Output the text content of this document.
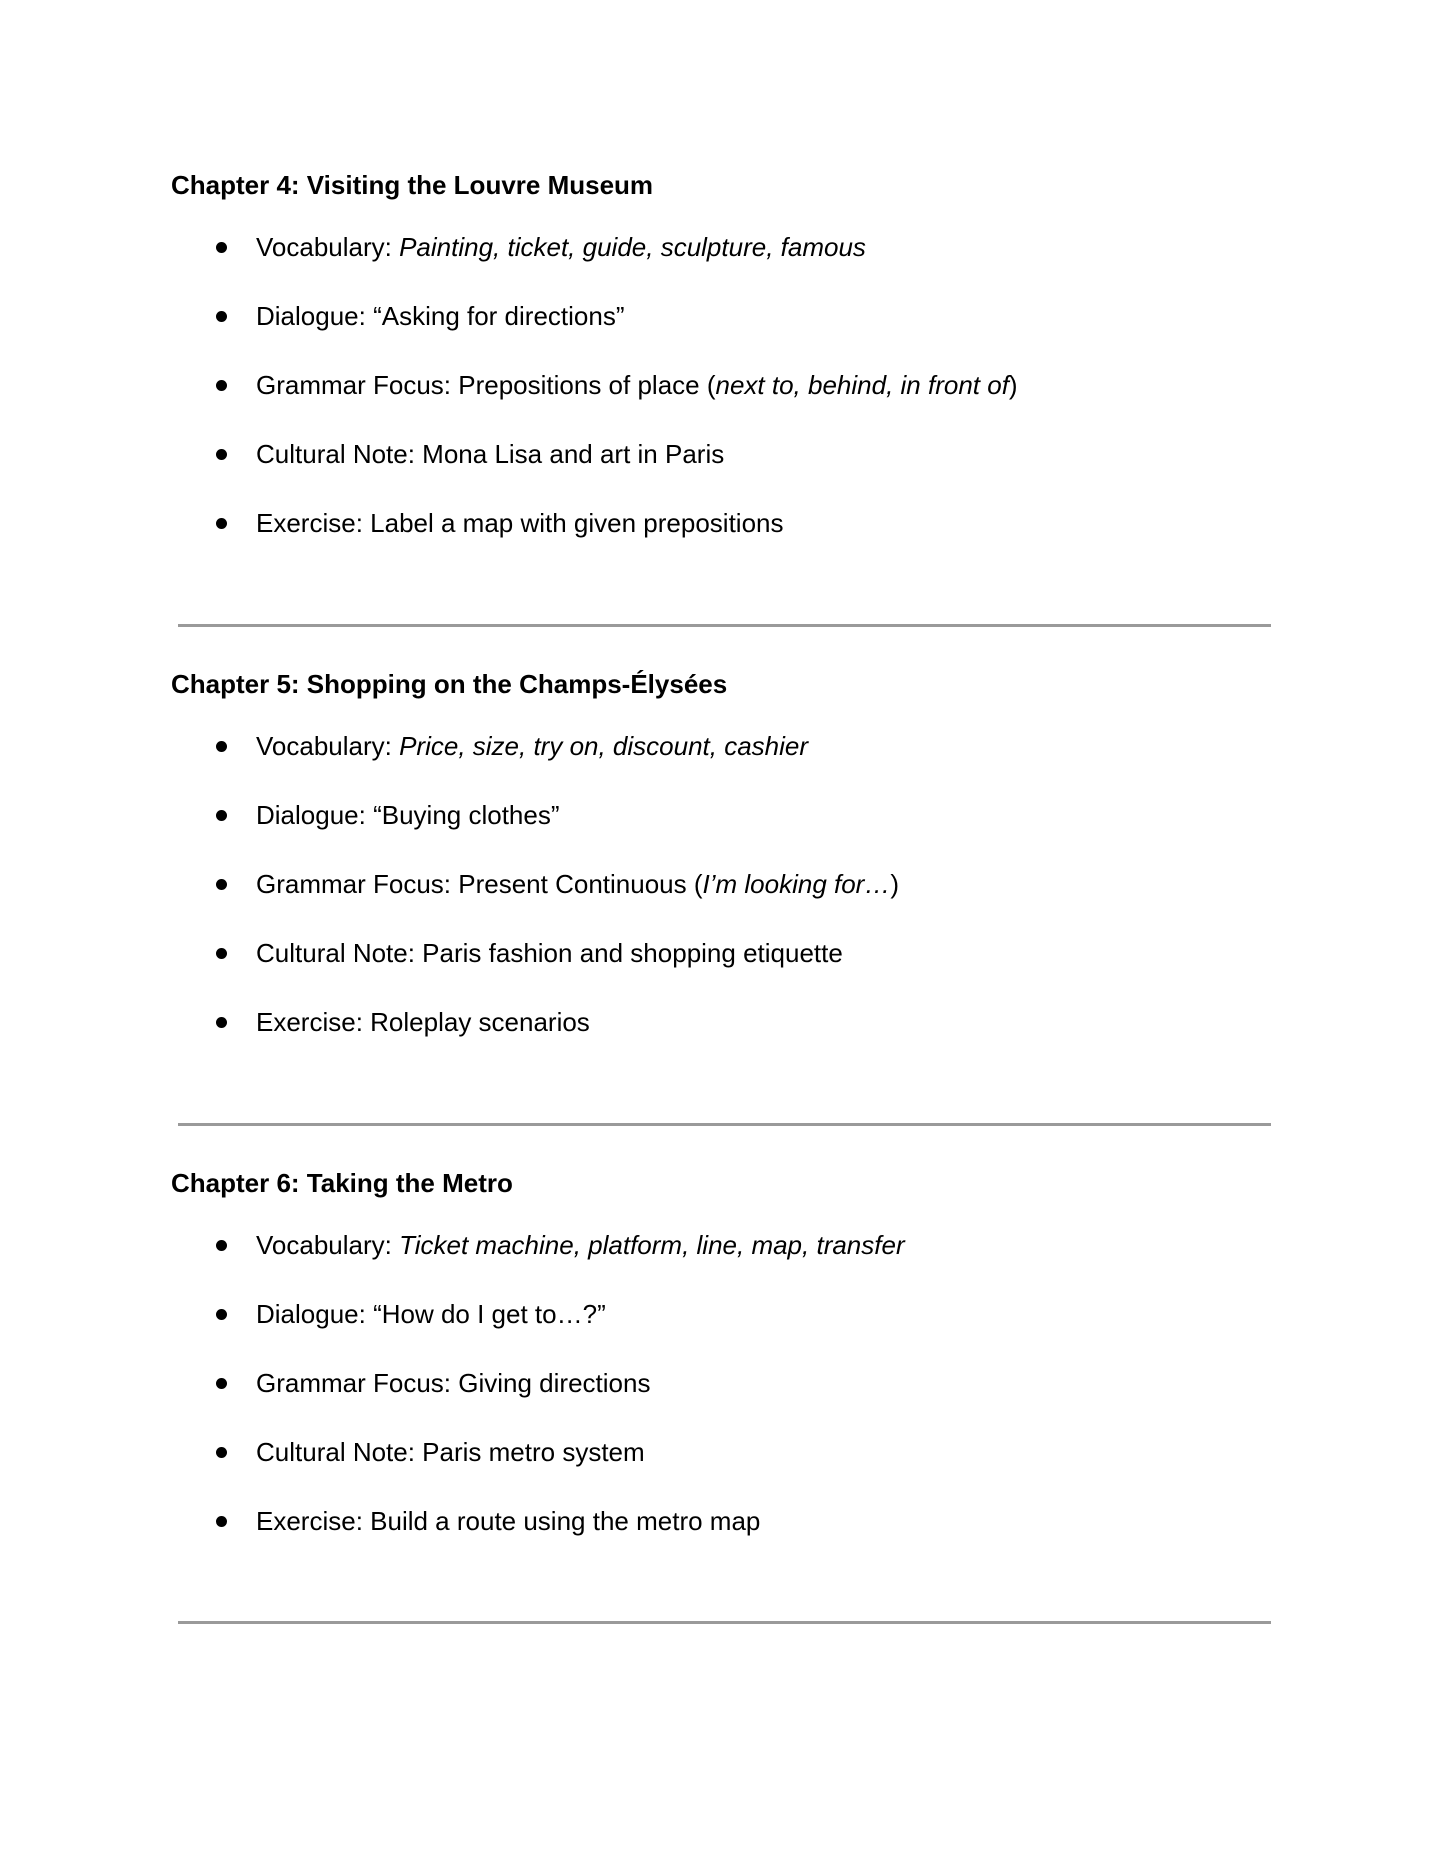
Chapter 4: Visiting the Louvre Museum
Vocabulary: Painting, ticket, guide, sculpture, famous
Dialogue: “Asking for directions”
Grammar Focus: Prepositions of place (next to, behind, in front of)
Cultural Note: Mona Lisa and art in Paris
Exercise: Label a map with given prepositions
Chapter 5: Shopping on the Champs-Élysées
Vocabulary: Price, size, try on, discount, cashier
Dialogue: “Buying clothes”
Grammar Focus: Present Continuous (I’m looking for…)
Cultural Note: Paris fashion and shopping etiquette
Exercise: Roleplay scenarios
Chapter 6: Taking the Metro
Vocabulary: Ticket machine, platform, line, map, transfer
Dialogue: “How do I get to…?”
Grammar Focus: Giving directions
Cultural Note: Paris metro system
Exercise: Build a route using the metro map
